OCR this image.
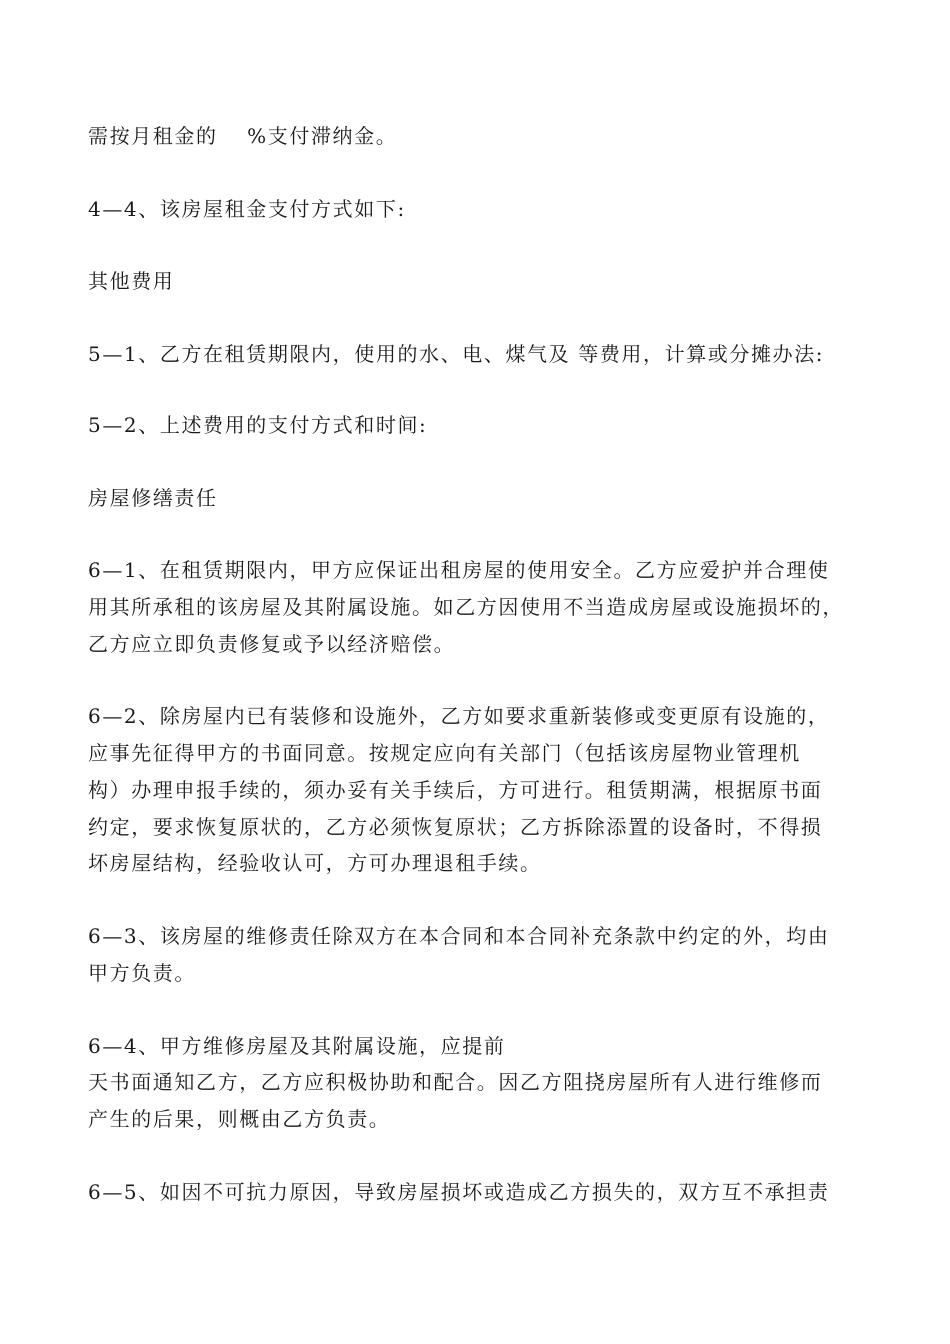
需按月租金的　 %支付滞纳金。
4—4、该房屋租金支付方式如下:
其他费用
5—1、乙方在租赁期限内，使用的水、电、煤气及 等费用，计算或分摊办法:
5—2、上述费用的支付方式和时间:
房屋修缮责任
6—1、在租赁期限内，甲方应保证出租房屋的使用安全。乙方应爱护并合理使
用其所承租的该房屋及其附属设施。如乙方因使用不当造成房屋或设施损坏的，
乙方应立即负责修复或予以经济赔偿。
6—2、除房屋内已有装修和设施外，乙方如要求重新装修或变更原有设施的，
应事先征得甲方的书面同意。按规定应向有关部门（包括该房屋物业管理机
构）办理申报手续的，须办妥有关手续后，方可进行。租赁期满，根据原书面
约定，要求恢复原状的，乙方必须恢复原状；乙方拆除添置的设备时，不得损
坏房屋结构，经验收认可，方可办理退租手续。
6—3、该房屋的维修责任除双方在本合同和本合同补充条款中约定的外，均由
甲方负责。
6—4、甲方维修房屋及其附属设施，应提前
天书面通知乙方，乙方应积极协助和配合。因乙方阻挠房屋所有人进行维修而
产生的后果，则概由乙方负责。
6—5、如因不可抗力原因，导致房屋损坏或造成乙方损失的，双方互不承担责
